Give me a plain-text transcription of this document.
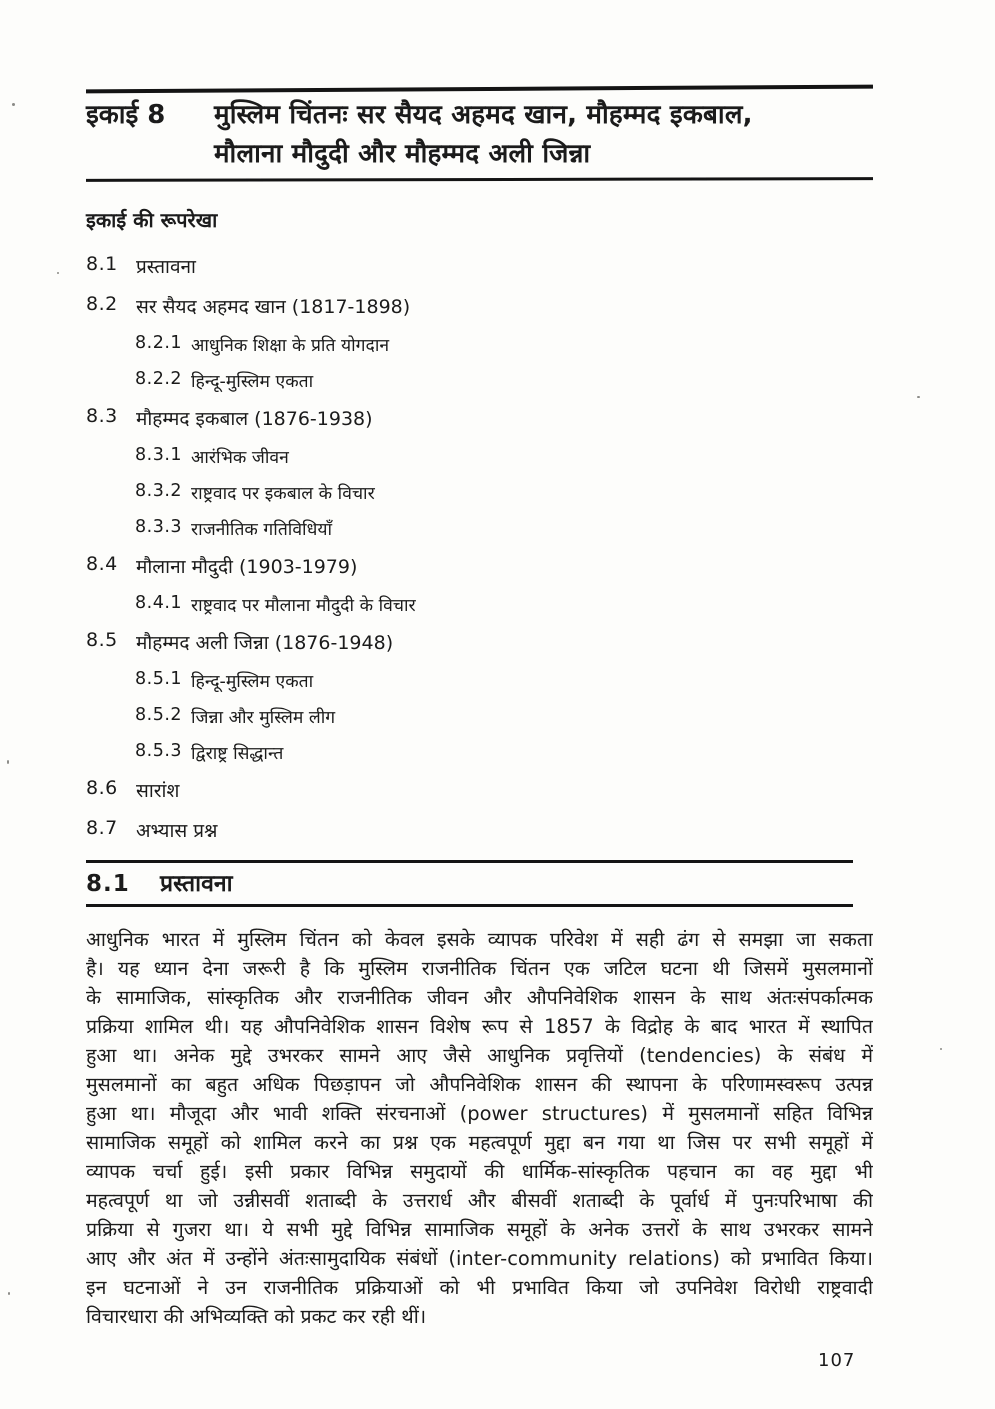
इकाई 8	मुस्लिम चिंतनः सर सैयद अहमद खान, मौहम्मद इकबाल,
मौलाना मौदुदी और मौहम्मद अली जिन्ना
इकाई की रूपरेखा
8.1 प्रस्तावना
8.2 सर सैयद अहमद खान (1817-1898)
8.2.1 आधुनिक शिक्षा के प्रति योगदान
8.2.2 हिन्दू-मुस्लिम एकता
8.3 मौहम्मद इकबाल (1876-1938)
8.3.1 आरंभिक जीवन
8.3.2 राष्ट्रवाद पर इकबाल के विचार
8.3.3 राजनीतिक गतिविधियाँ
8.4 मौलाना मौदुदी (1903-1979)
8.4.1 राष्ट्रवाद पर मौलाना मौदुदी के विचार
8.5 मौहम्मद अली जिन्ना (1876-1948)
8.5.1 हिन्दू-मुस्लिम एकता
8.5.2 जिन्ना और मुस्लिम लीग
8.5.3 द्विराष्ट्र सिद्धान्त
8.6 सारांश
8.7 अभ्यास प्रश्न
8.1	प्रस्तावना
आधुनिक भारत में मुस्लिम चिंतन को केवल इसके व्यापक परिवेश में सही ढंग से समझा जा सकता
है। यह ध्यान देना जरूरी है कि मुस्लिम राजनीतिक चिंतन एक जटिल घटना थी जिसमें मुसलमानों
के सामाजिक, सांस्कृतिक और राजनीतिक जीवन और औपनिवेशिक शासन के साथ अंतःसंपर्कात्मक
प्रक्रिया शामिल थी। यह औपनिवेशिक शासन विशेष रूप से 1857 के विद्रोह के बाद भारत में स्थापित
हुआ था। अनेक मुद्दे उभरकर सामने आए जैसे आधुनिक प्रवृत्तियों (tendencies) के संबंध में
मुसलमानों का बहुत अधिक पिछड़ापन जो औपनिवेशिक शासन की स्थापना के परिणामस्वरूप उत्पन्न
हुआ था। मौजूदा और भावी शक्ति संरचनाओं (power structures) में मुसलमानों सहित विभिन्न
सामाजिक समूहों को शामिल करने का प्रश्न एक महत्वपूर्ण मुद्दा बन गया था जिस पर सभी समूहों में
व्यापक चर्चा हुई। इसी प्रकार विभिन्न समुदायों की धार्मिक-सांस्कृतिक पहचान का वह मुद्दा भी
महत्वपूर्ण था जो उन्नीसवीं शताब्दी के उत्तरार्ध और बीसवीं शताब्दी के पूर्वार्ध में पुनःपरिभाषा की
प्रक्रिया से गुजरा था। ये सभी मुद्दे विभिन्न सामाजिक समूहों के अनेक उत्तरों के साथ उभरकर सामने
आए और अंत में उन्होंने अंतःसामुदायिक संबंधों (inter-community relations) को प्रभावित किया।
इन घटनाओं ने उन राजनीतिक प्रक्रियाओं को भी प्रभावित किया जो उपनिवेश विरोधी राष्ट्रवादी
विचारधारा की अभिव्यक्ति को प्रकट कर रही थीं।
107
